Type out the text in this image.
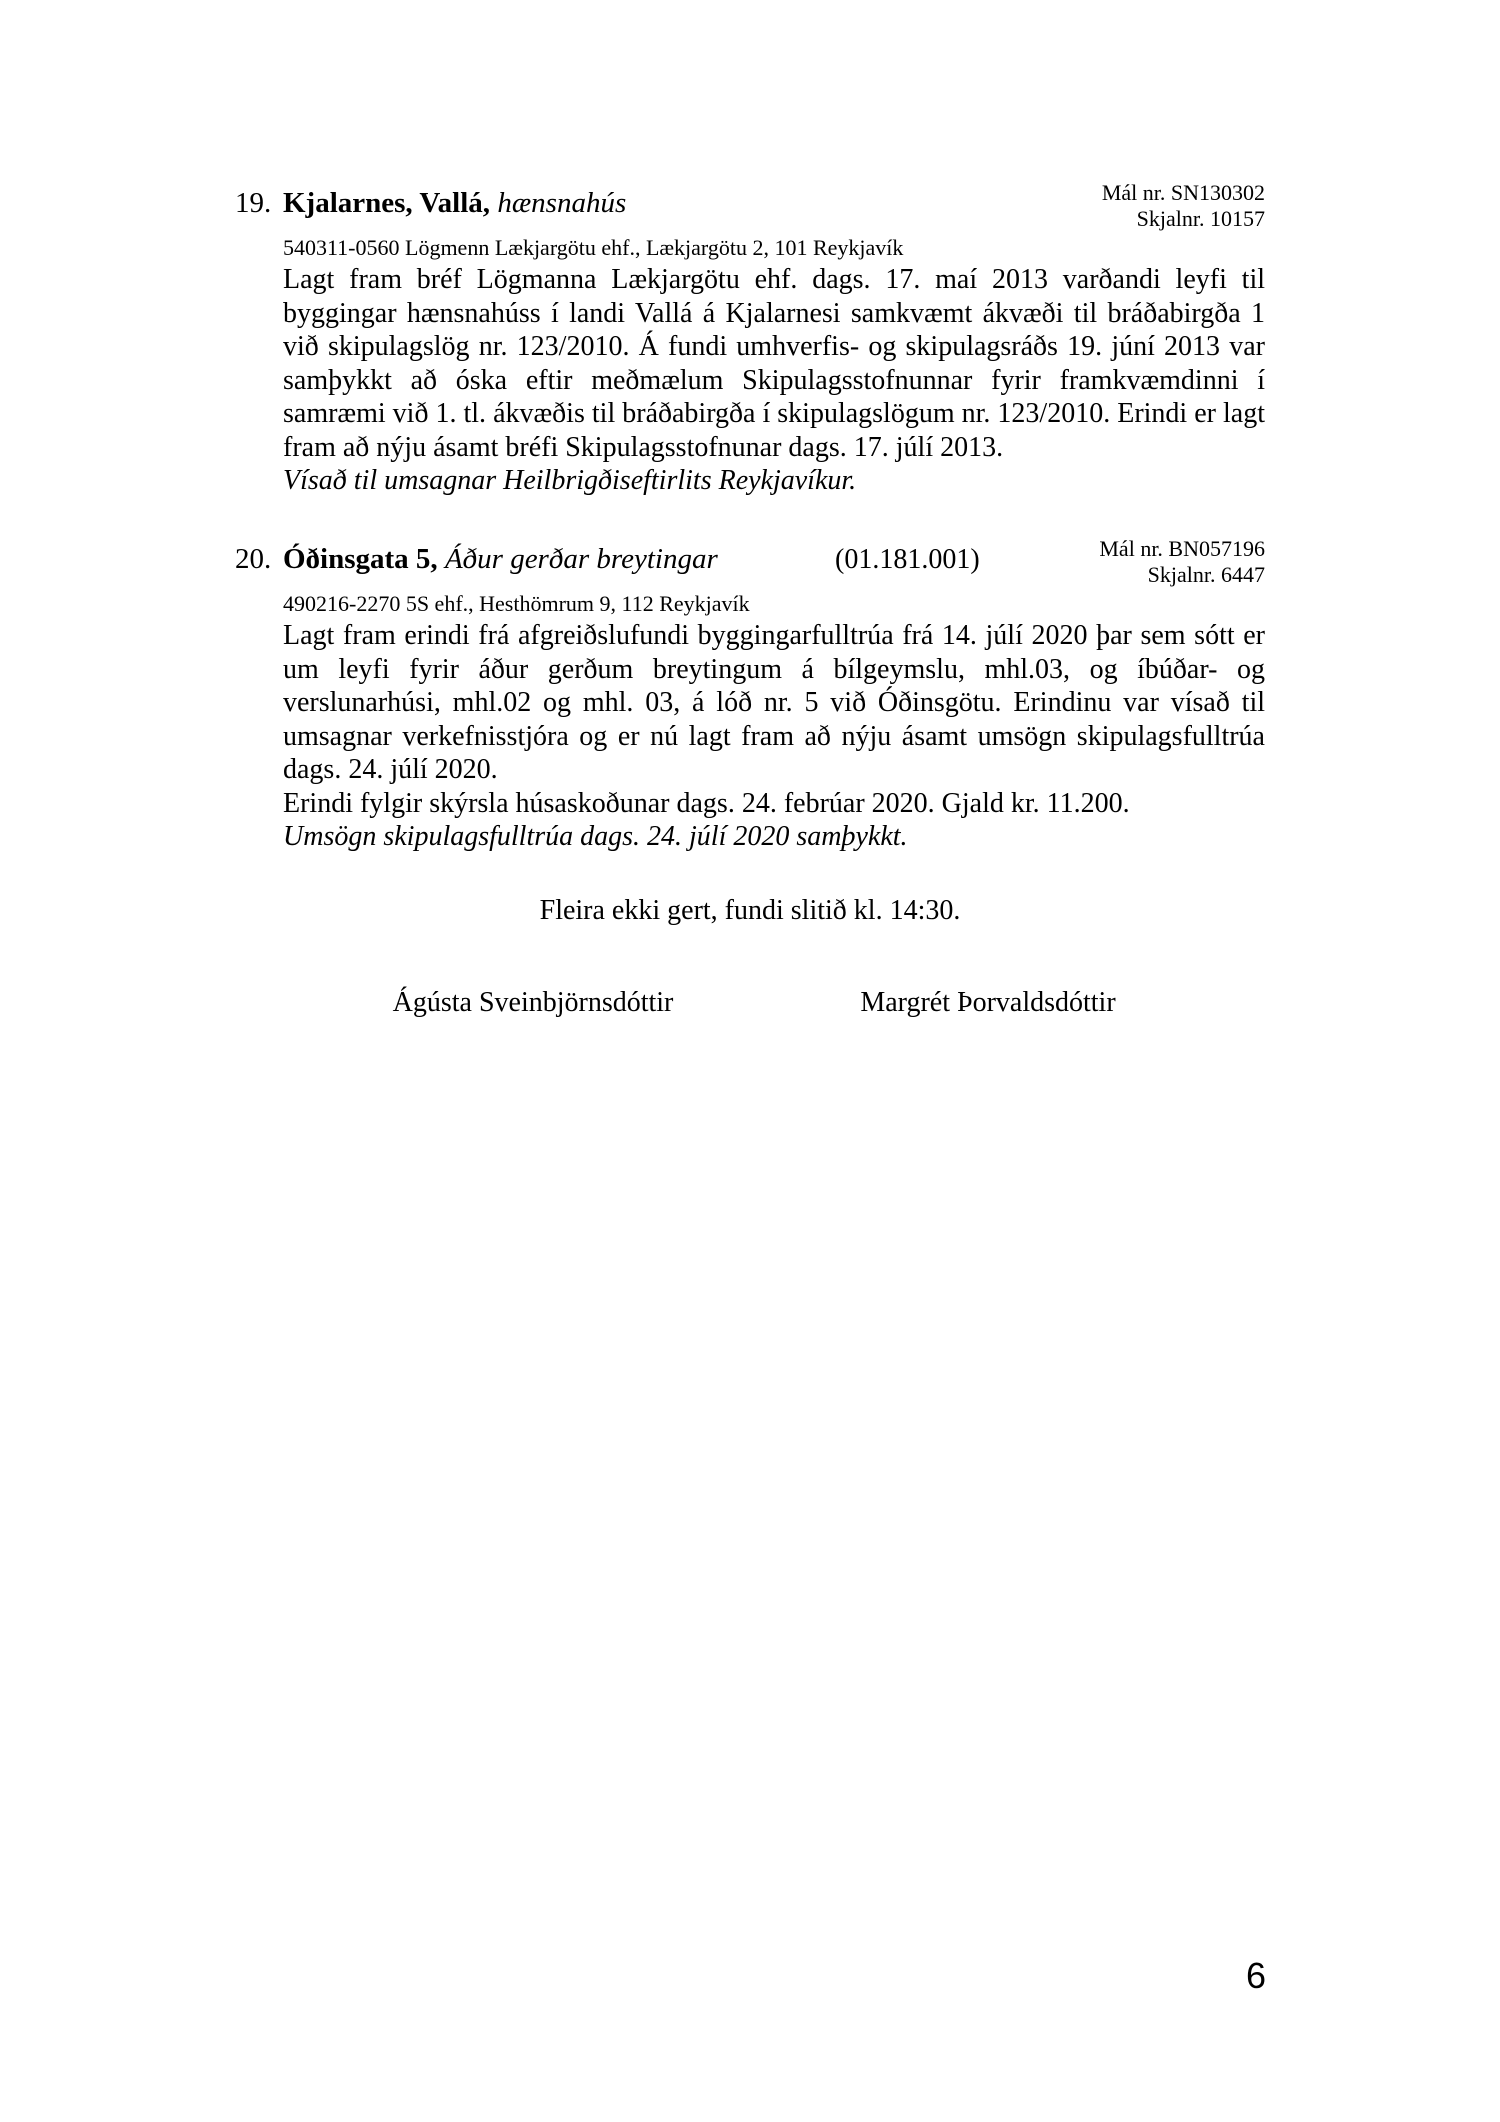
19. Kjalarnes, Vallá, hænsnahús	Mál nr. SN130302
Skjalnr. 10157
540311-0560 Lögmenn Lækjargötu ehf., Lækjargötu 2, 101 Reykjavík

Lagt fram bréf Lögmanna Lækjargötu ehf. dags. 17. maí 2013 varðandi leyfi til byggingar hænsnahúss í landi Vallá á Kjalarnesi samkvæmt ákvæði til bráðabirgða 1 við skipulagslög nr. 123/2010. Á fundi umhverfis- og skipulagsráðs 19. júní 2013 var samþykkt að óska eftir meðmælum Skipulagsstofnunnar fyrir framkvæmdinni í samræmi við 1. tl. ákvæðis til bráðabirgða í skipulagslögum nr. 123/2010. Erindi er lagt fram að nýju ásamt bréfi Skipulagsstofnunar dags. 17. júlí 2013.

Vísað til umsagnar Heilbrigðiseftirlits Reykjavíkur.

20. Óðinsgata 5, Áður gerðar breytingar	(01.181.001)	Mál nr. BN057196
Skjalnr. 6447
490216-2270 5S ehf., Hesthömrum 9, 112 Reykjavík

Lagt fram erindi frá afgreiðslufundi byggingarfulltrúa frá 14. júlí 2020 þar sem sótt er um leyfi fyrir áður gerðum breytingum á bílgeymslu, mhl.03, og íbúðar- og verslunarhúsi, mhl.02 og mhl. 03, á lóð nr. 5 við Óðinsgötu. Erindinu var vísað til umsagnar verkefnisstjóra og er nú lagt fram að nýju ásamt umsögn skipulagsfulltrúa dags. 24. júlí 2020.

Erindi fylgir skýrsla húsaskoðunar dags. 24. febrúar 2020. Gjald kr. 11.200.

Umsögn skipulagsfulltrúa dags. 24. júlí 2020 samþykkt.

Fleira ekki gert, fundi slitið kl. 14:30.
Ágústa Sveinbjörnsdóttir	Margrét Þorvaldsdóttir
6
